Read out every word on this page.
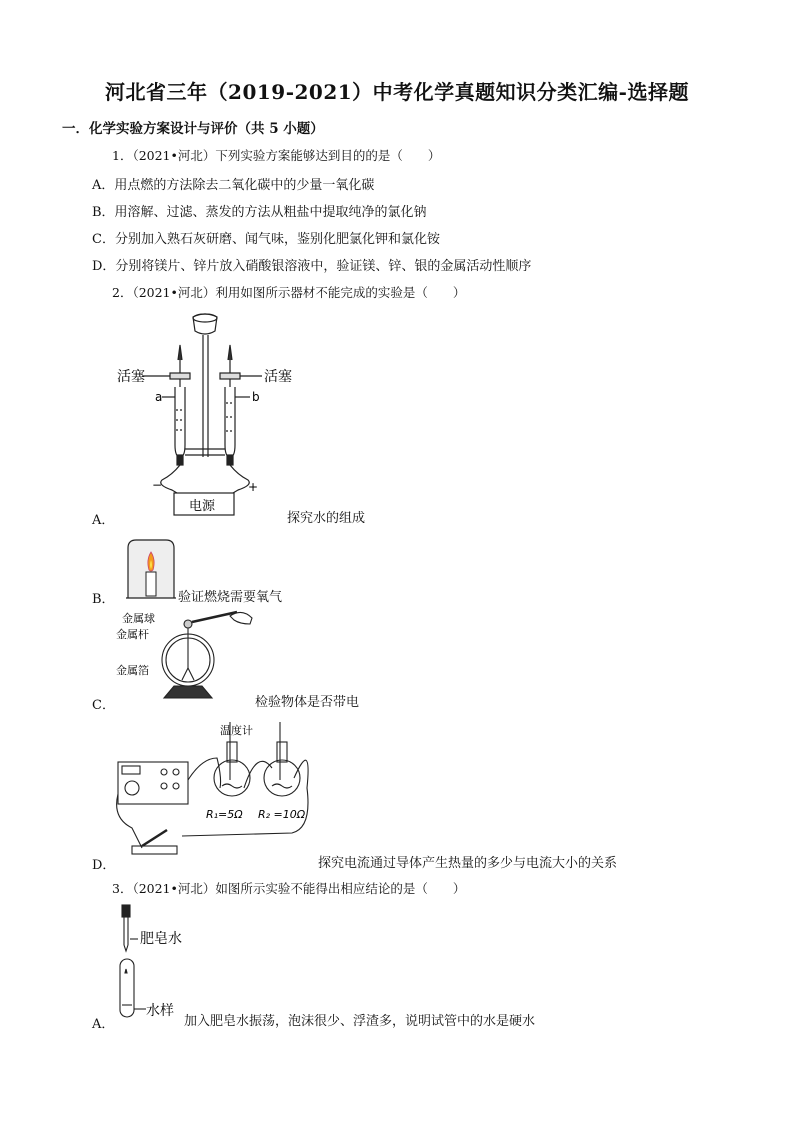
河北省三年（2019-2021）中考化学真题知识分类汇编-选择题
一．化学实验方案设计与评价（共 5 小题）
1．（2021•河北）下列实验方案能够达到目的的是（　　）
A．用点燃的方法除去二氧化碳中的少量一氧化碳
B．用溶解、过滤、蒸发的方法从粗盐中提取纯净的氯化钠
C．分别加入熟石灰研磨、闻气味，鉴别化肥氯化钾和氯化铵
D．分别将镁片、锌片放入硝酸银溶液中，验证镁、锌、银的金属活动性顺序
2．（2021•河北）利用如图所示器材不能完成的实验是（　　）
活塞	活塞
a	b
−	+
电源
A．	探究水的组成
B．	验证燃烧需要氧气
金属球
金属杆
金属箔
C．	检验物体是否带电
温度计
R₁=5Ω R₂ =10Ω
D．	探究电流通过导体产生热量的多少与电流大小的关系
3．（2021•河北）如图所示实验不能得出相应结论的是（　　）
肥皂水
水样
A．	加入肥皂水振荡，泡沫很少、浮渣多，说明试管中的水是硬水
